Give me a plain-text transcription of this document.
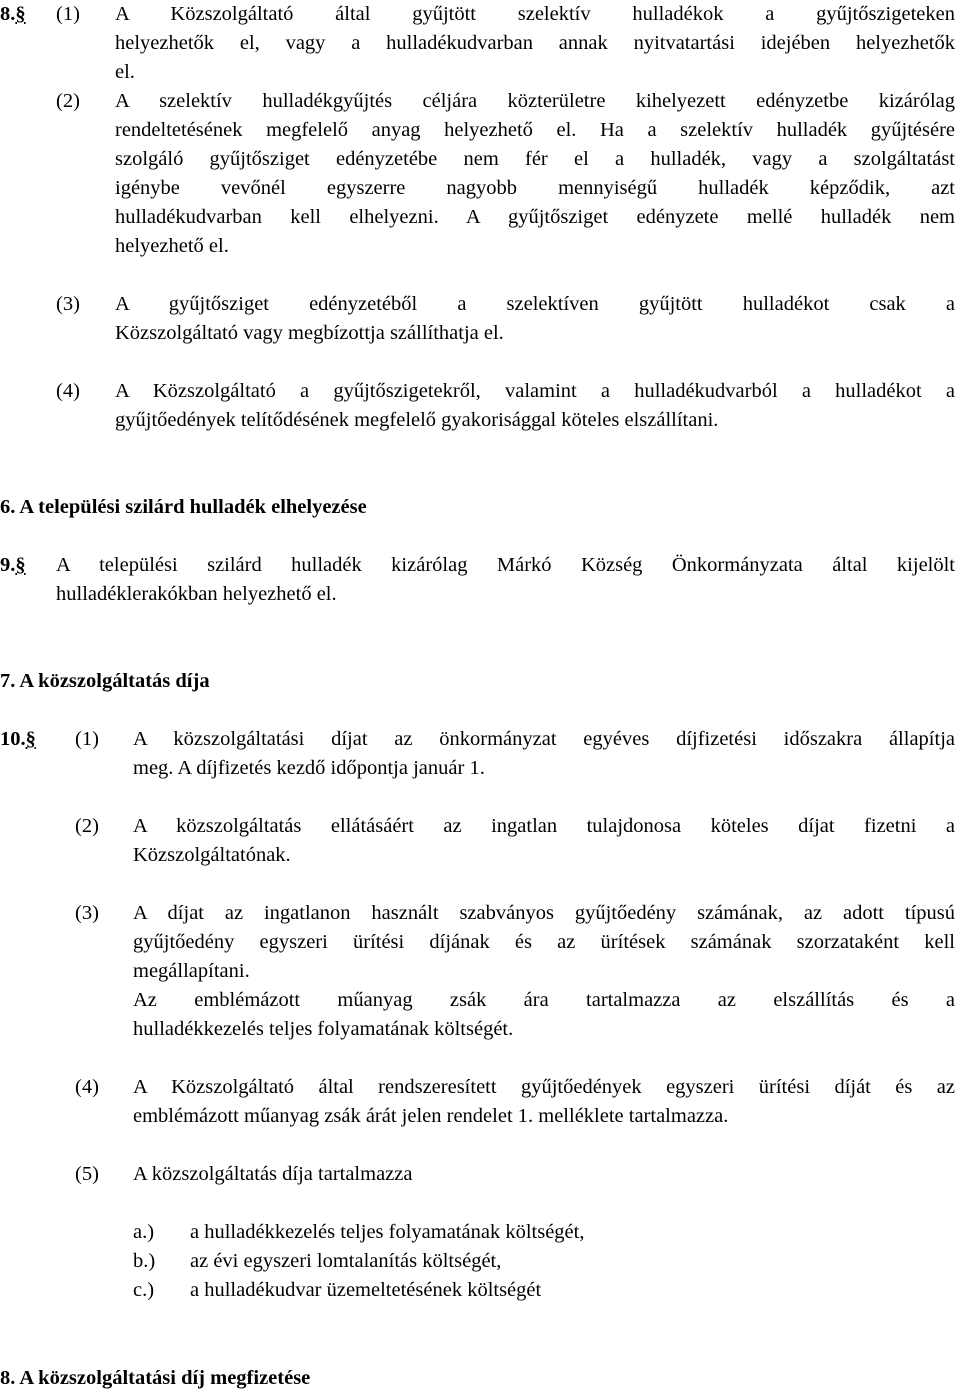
8.§ (1) A Közszolgáltató által gyűjtött szelektív hulladékok a gyűjtőszigeteken
helyezhetők el, vagy a hulladékudvarban annak nyitvatartási idejében helyezhetők
el.
(2) A szelektív hulladékgyűjtés céljára közterületre kihelyezett edényzetbe kizárólag
rendeltetésének megfelelő anyag helyezhető el. Ha a szelektív hulladék gyűjtésére
szolgáló gyűjtősziget edényzetébe nem fér el a hulladék, vagy a szolgáltatást
igénybe vevőnél egyszerre nagyobb mennyiségű hulladék képződik, azt
hulladékudvarban kell elhelyezni. A gyűjtősziget edényzete mellé hulladék nem
helyezhető el.
(3) A gyűjtősziget edényzetéből a szelektíven gyűjtött hulladékot csak a
Közszolgáltató vagy megbízottja szállíthatja el.
(4) A Közszolgáltató a gyűjtőszigetekről, valamint a hulladékudvarból a hulladékot a
gyűjtőedények telítődésének megfelelő gyakorisággal köteles elszállítani.
6. A települési szilárd hulladék elhelyezése
9.§ A települési szilárd hulladék kizárólag Márkó Község Önkormányzata által kijelölt
hulladéklerakókban helyezhető el.
7. A közszolgáltatás díja
10.§ (1) A közszolgáltatási díjat az önkormányzat egyéves díjfizetési időszakra állapítja
meg. A díjfizetés kezdő időpontja január 1.
(2) A közszolgáltatás ellátásáért az ingatlan tulajdonosa köteles díjat fizetni a
Közszolgáltatónak.
(3) A díjat az ingatlanon használt szabványos gyűjtőedény számának, az adott típusú
gyűjtőedény egyszeri ürítési díjának és az ürítések számának szorzataként kell
megállapítani.
Az emblémázott műanyag zsák ára tartalmazza az elszállítás és a
hulladékkezelés teljes folyamatának költségét.
(4) A Közszolgáltató által rendszeresített gyűjtőedények egyszeri ürítési díját és az
emblémázott műanyag zsák árát jelen rendelet 1. melléklete tartalmazza.
(5) A közszolgáltatás díja tartalmazza
a.) a hulladékkezelés teljes folyamatának költségét,
b.) az évi egyszeri lomtalanítás költségét,
c.) a hulladékudvar üzemeltetésének költségét
8. A közszolgáltatási díj megfizetése
